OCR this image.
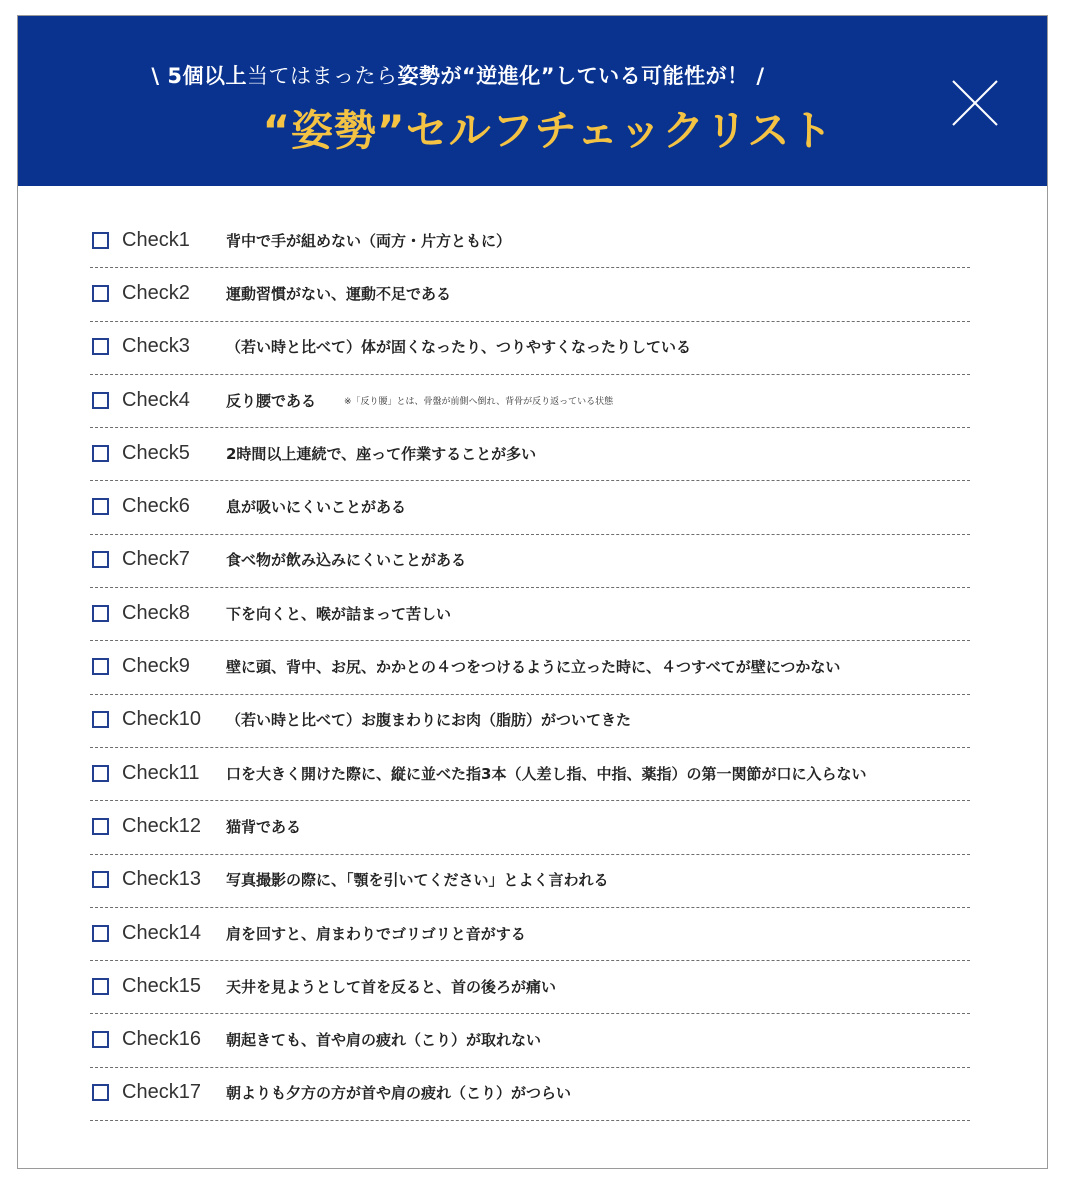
\ 5個以上当てはまったら姿勢が“逆進化”している可能性が！ /
“姿勢”セルフチェックリスト
Check1	背中で手が組めない（両方・片方ともに）
Check2	運動習慣がない、運動不足である
Check3	（若い時と比べて）体が固くなったり、つりやすくなったりしている
Check4	反り腰である	※「反り腰」とは、骨盤が前側へ倒れ、背骨が反り返っている状態
Check5	2時間以上連続で、座って作業することが多い
Check6	息が吸いにくいことがある
Check7	食べ物が飲み込みにくいことがある
Check8	下を向くと、喉が詰まって苦しい
Check9	壁に頭、背中、お尻、かかとの４つをつけるように立った時に、４つすべてが壁につかない
Check10	（若い時と比べて）お腹まわりにお肉（脂肪）がついてきた
Check11	口を大きく開けた際に、縦に並べた指3本（人差し指、中指、薬指）の第一関節が口に入らない
Check12	猫背である
Check13	写真撮影の際に、「顎を引いてください」とよく言われる
Check14	肩を回すと、肩まわりでゴリゴリと音がする
Check15	天井を見ようとして首を反ると、首の後ろが痛い
Check16	朝起きても、首や肩の疲れ（こり）が取れない
Check17	朝よりも夕方の方が首や肩の疲れ（こり）がつらい
